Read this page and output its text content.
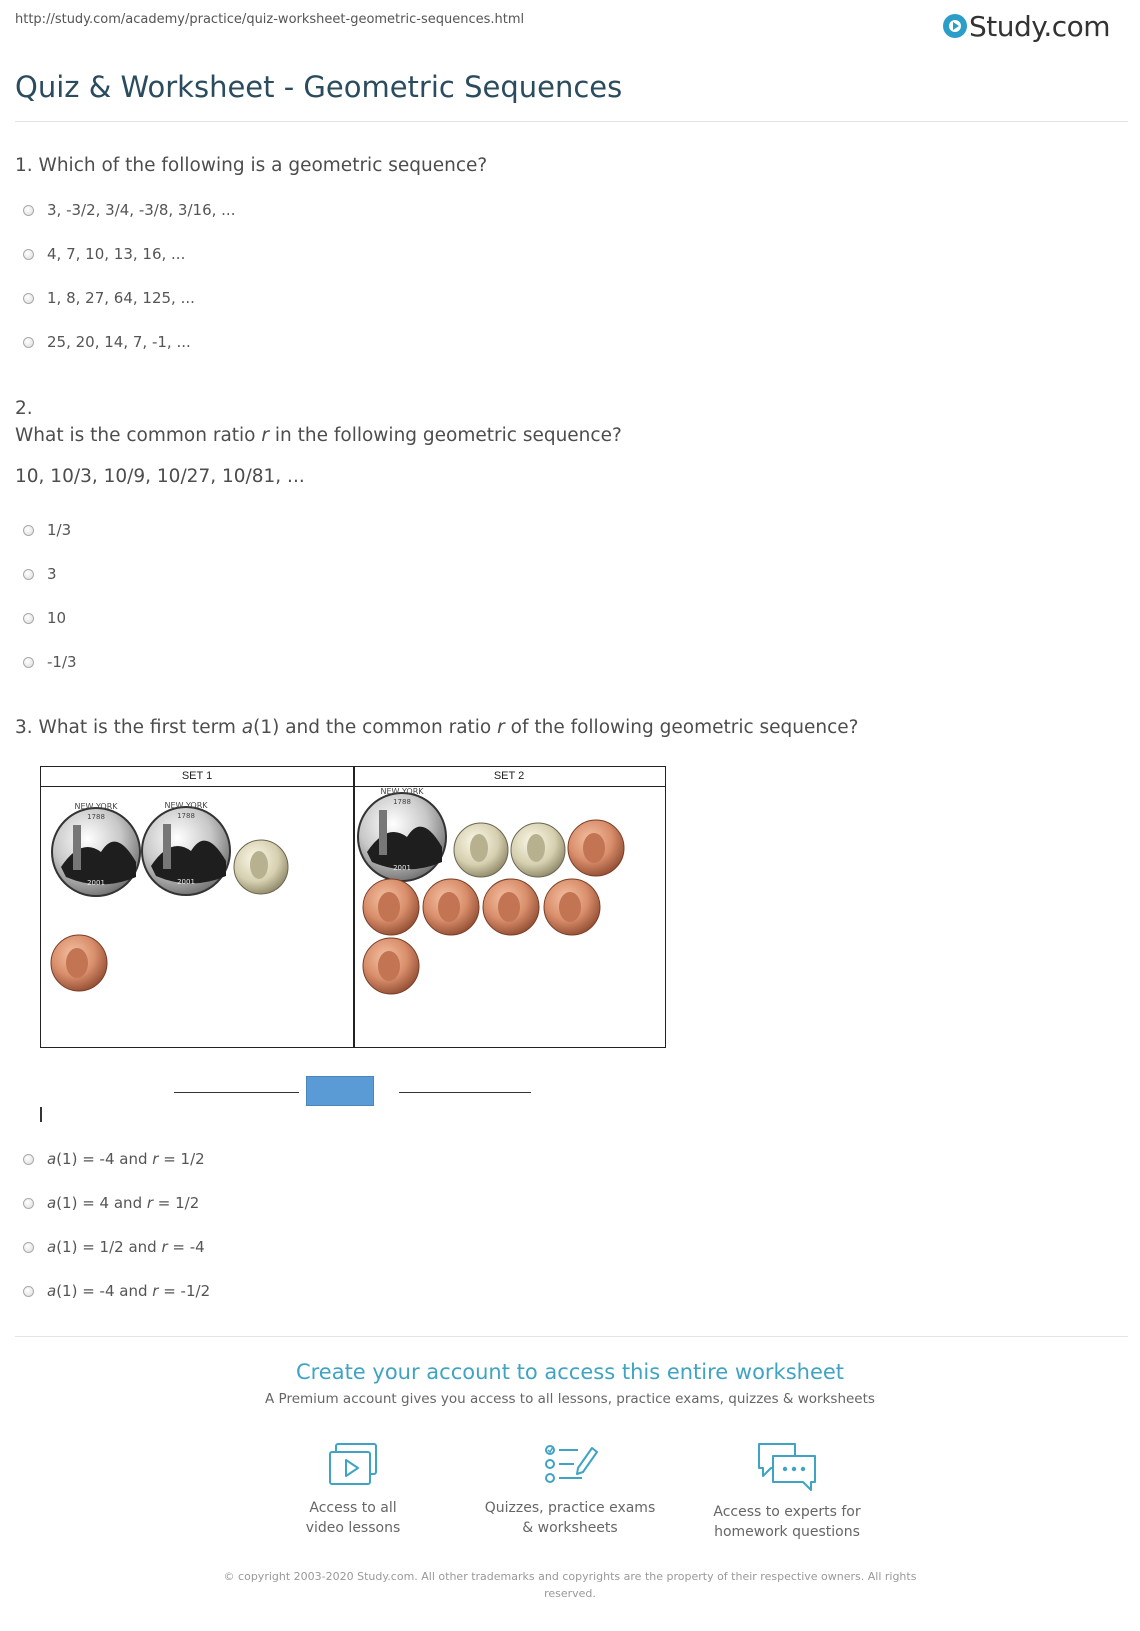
http://study.com/academy/practice/quiz-worksheet-geometric-sequences.html	Study.com
Quiz & Worksheet - Geometric Sequences
1. Which of the following is a geometric sequence?
3, -3/2, 3/4, -3/8, 3/16, ...
4, 7, 10, 13, 16, ...
1, 8, 27, 64, 125, ...
25, 20, 14, 7, -1, ...
2.
What is the common ratio r in the following geometric sequence?
10, 10/3, 10/9, 10/27, 10/81, ...
1/3
3
10
-1/3
3. What is the first term a(1) and the common ratio r of the following geometric sequence?
SET 1	SET 2
NEW YORK
1788
2001
NEW YORK
1788
2001
NEW YORK
1788
2001
a(1) = -4 and r = 1/2
a(1) = 4 and r = 1/2
a(1) = 1/2 and r = -4
a(1) = -4 and r = -1/2
Create your account to access this entire worksheet
A Premium account gives you access to all lessons, practice exams, quizzes & worksheets
Access to all
video lessons
Quizzes, practice exams
& worksheets
Access to experts for
homework questions
© copyright 2003-2020 Study.com. All other trademarks and copyrights are the property of their respective owners. All rights reserved.
